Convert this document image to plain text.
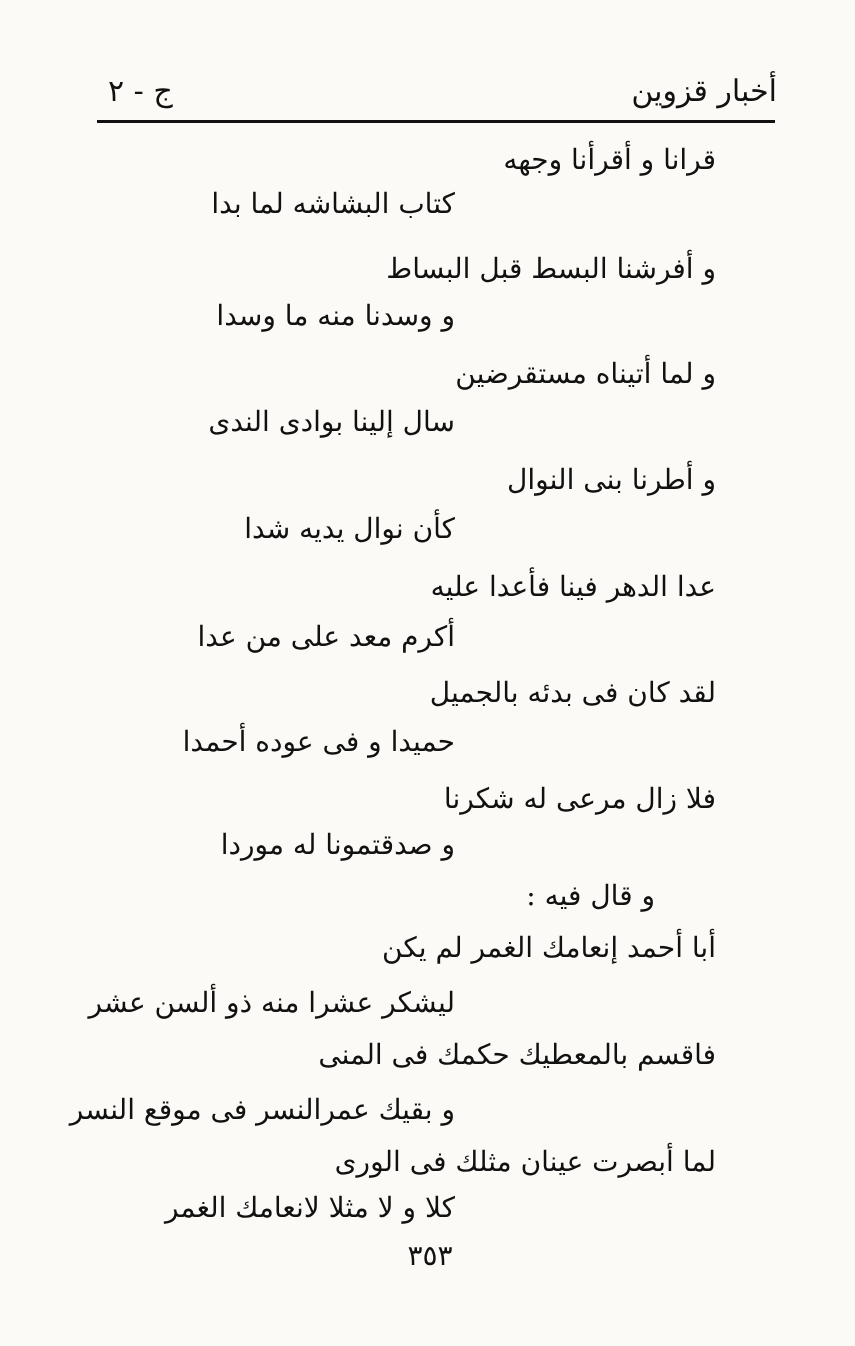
أخبار قزوين
ج - ٢
قرانا و أقرأنا وجهه
كتاب البشاشه لما بدا
و أفرشنا البسط قبل البساط
و وسدنا منه ما وسدا
و لما أتيناه مستقرضين
سال إلينا بوادى الندى
و أطرنا بنى النوال
كأن نوال يديه شدا
عدا الدهر فينا فأعدا عليه
أكرم معد على من عدا
لقد كان فى بدئه بالجميل
حميدا و فى عوده أحمدا
فلا زال مرعى له شكرنا
و صدقتمونا له موردا
و قال فيه :
أبا أحمد إنعامك الغمر لم يكن
ليشكر عشرا منه ذو ألسن عشر
فاقسم بالمعطيك حكمك فى المنى
و بقيك عمرالنسر فى موقع النسر
لما أبصرت عينان مثلك فى الورى
كلا و لا مثلا لانعامك الغمر
٣٥٣
